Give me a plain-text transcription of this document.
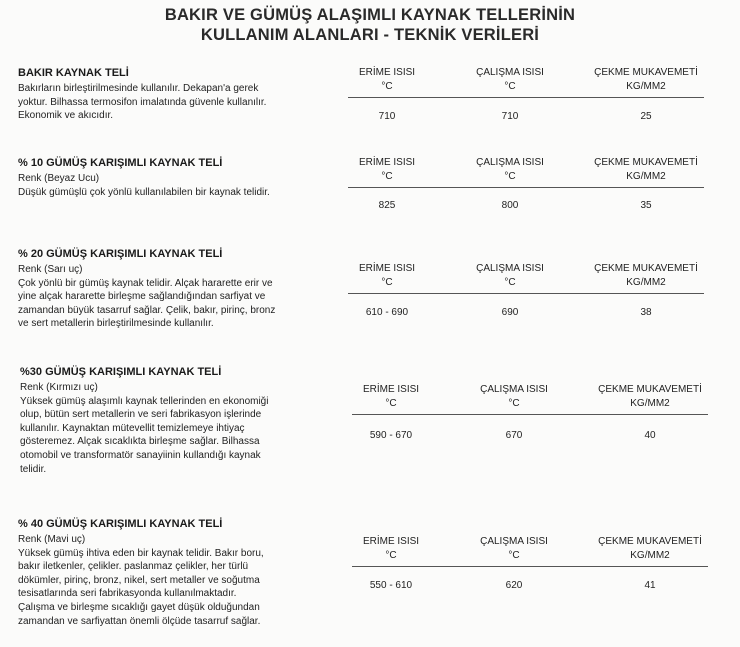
BAKIR VE GÜMÜŞ ALAŞIMLI KAYNAK TELLERİNİN
KULLANIM ALANLARI - TEKNİK VERİLERİ
BAKIR KAYNAK TELİ
Bakırların birleştirilmesinde kullanılır. Dekapan'a gerek
yoktur. Bilhassa termosifon imalatında güvenle kullanılır.
Ekonomik ve akıcıdır.
ERİME ISISI
°C
ÇALIŞMA ISISI
°C
ÇEKME MUKAVEMETİ
KG/MM2
710	710	25
% 10 GÜMÜŞ KARIŞIMLI KAYNAK TELİ
Renk (Beyaz Ucu)
Düşük gümüşlü çok yönlü kullanılabilen bir kaynak telidir.
ERİME ISISI
°C
ÇALIŞMA ISISI
°C
ÇEKME MUKAVEMETİ
KG/MM2
825	800	35
% 20 GÜMÜŞ KARIŞIMLI KAYNAK TELİ
Renk (Sarı uç)
Çok yönlü bir gümüş kaynak telidir. Alçak hararette erir ve
yine alçak hararette birleşme sağlandığından sarfiyat ve
zamandan büyük tasarruf sağlar. Çelik, bakır, pirinç, bronz
ve sert metallerin birleştirilmesinde kullanılır.
ERİME ISISI
°C
ÇALIŞMA ISISI
°C
ÇEKME MUKAVEMETİ
KG/MM2
610 - 690	690	38
%30 GÜMÜŞ KARIŞIMLI KAYNAK TELİ
Renk (Kırmızı uç)
Yüksek gümüş alaşımlı kaynak tellerinden en ekonomiği
olup, bütün sert metallerin ve seri fabrikasyon işlerinde
kullanılır. Kaynaktan mütevellit temizlemeye ihtiyaç
gösteremez. Alçak sıcaklıkta birleşme sağlar. Bilhassa
otomobil ve transformatör sanayiinin kullandığı kaynak
telidir.
ERİME ISISI
°C
ÇALIŞMA ISISI
°C
ÇEKME MUKAVEMETİ
KG/MM2
590 - 670	670	40
% 40 GÜMÜŞ KARIŞIMLI KAYNAK TELİ
Renk (Mavi uç)
Yüksek gümüş ihtiva eden bir kaynak telidir. Bakır boru,
bakır iletkenler, çelikler. paslanmaz çelikler, her türlü
dökümler, pirinç, bronz, nikel, sert metaller ve soğutma
tesisatlarında seri fabrikasyonda kullanılmaktadır.
Çalışma ve birleşme sıcaklığı gayet düşük olduğundan
zamandan ve sarfiyattan önemli ölçüde tasarruf sağlar.
ERİME ISISI
°C
ÇALIŞMA ISISI
°C
ÇEKME MUKAVEMETİ
KG/MM2
550 - 610	620	41
